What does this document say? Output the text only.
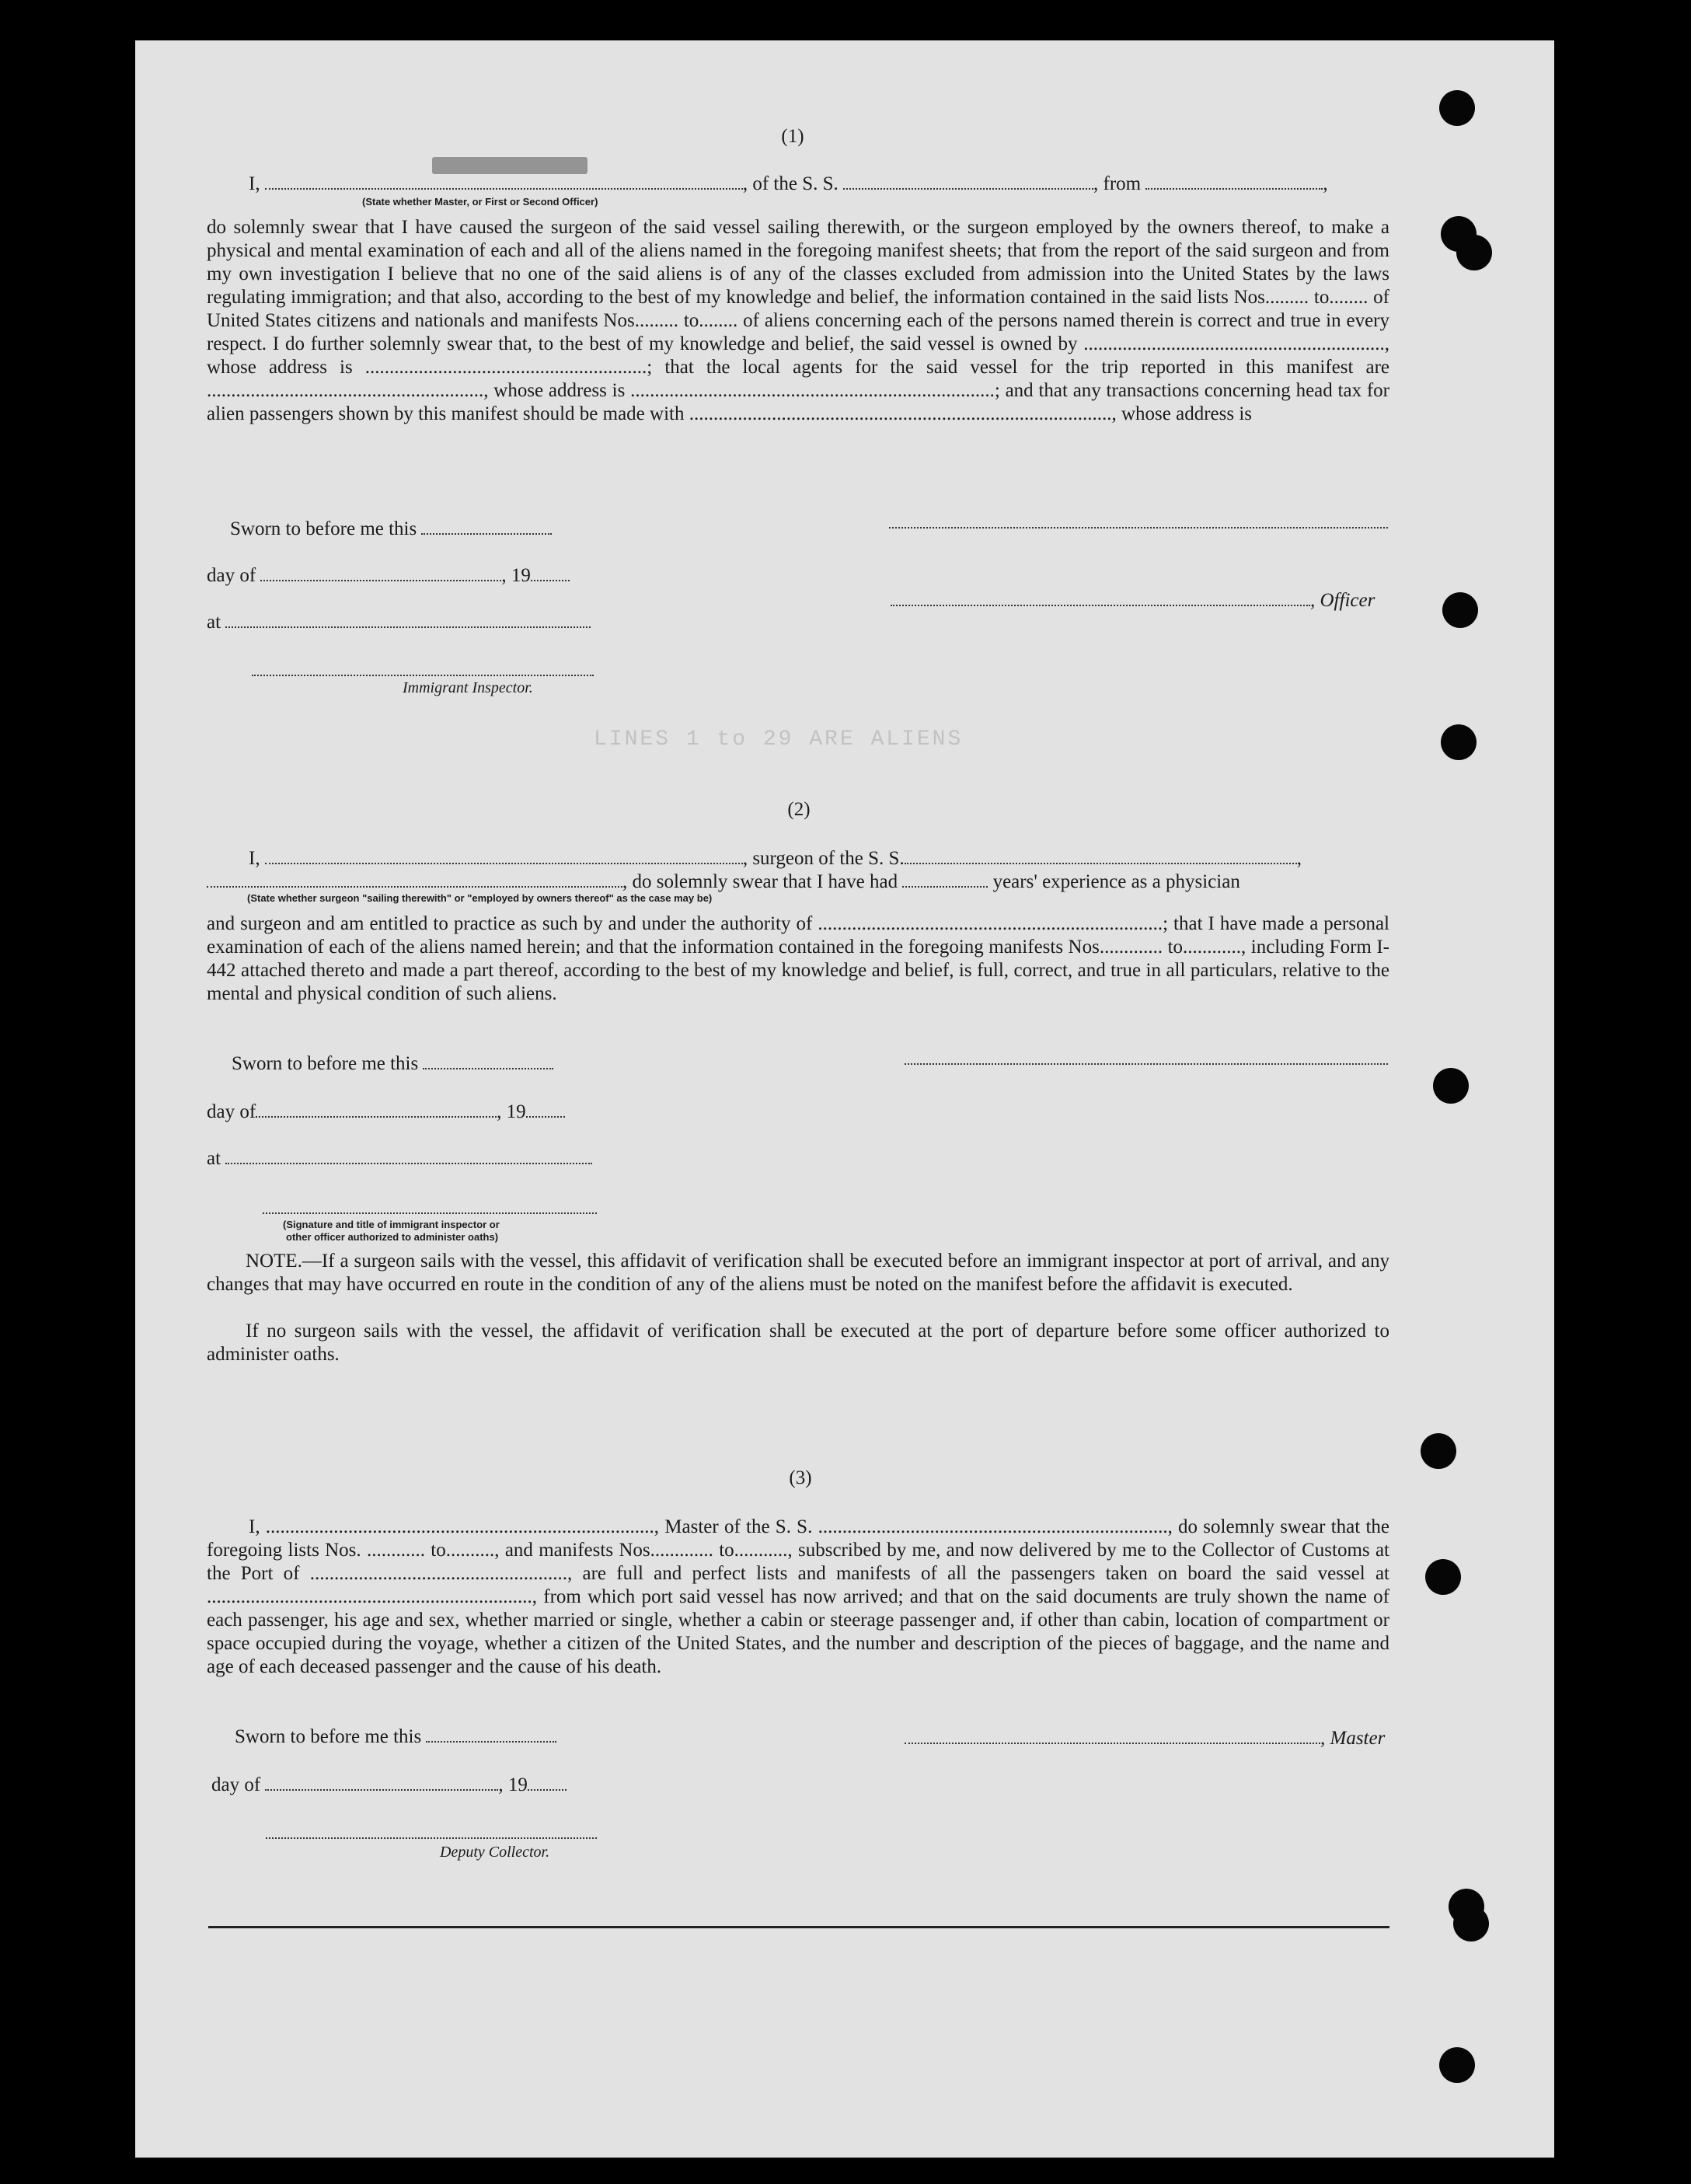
(1)
I,	, of the S. S.	, from	,
(State whether Master, or First or Second Officer)
do solemnly swear that I have caused the surgeon of the said vessel sailing therewith, or the surgeon employed by the owners thereof, to make a physical and mental examination of each and all of the aliens named in the foregoing manifest sheets; that from the report of the said surgeon and from my own investigation I believe that no one of the said aliens is of any of the classes excluded from admission into the United States by the laws regulating immigration; and that also, according to the best of my knowledge and belief, the information contained in the said lists Nos......... to........ of United States citizens and nationals and manifests Nos......... to........ of aliens concerning each of the persons named therein is correct and true in every respect. I do further solemnly swear that, to the best of my knowledge and belief, the said vessel is owned by .............................................................., whose address is ..........................................................; that the local agents for the said vessel for the trip reported in this manifest are ........................................................., whose address is ...........................................................................; and that any transactions concerning head tax for alien passengers shown by this manifest should be made with ......................................................................................., whose address is
Sworn to before me this
day of	, 19
, Officer
at
Immigrant Inspector.
LINES 1 to 29 ARE ALIENS
(2)
I,	, surgeon of the S. S.	,
, do solemnly swear that I have had	years' experience as a physician
(State whether surgeon "sailing therewith" or "employed by owners thereof" as the case may be)
and surgeon and am entitled to practice as such by and under the authority of .......................................................................; that I have made a personal examination of each of the aliens named herein; and that the information contained in the foregoing manifests Nos............. to............, including Form I-442 attached thereto and made a part thereof, according to the best of my knowledge and belief, is full, correct, and true in all particulars, relative to the mental and physical condition of such aliens.
Sworn to before me this
day of	, 19
at
(Signature and title of immigrant inspector or
other officer authorized to administer oaths)
NOTE.—If a surgeon sails with the vessel, this affidavit of verification shall be executed before an immigrant inspector at port of arrival, and any changes that may have occurred en route in the condition of any of the aliens must be noted on the manifest before the affidavit is executed.
If no surgeon sails with the vessel, the affidavit of verification shall be executed at the port of departure before some officer authorized to administer oaths.
(3)
I, ................................................................................, Master of the S. S. ........................................................................, do solemnly swear that the foregoing lists Nos. ............ to.........., and manifests Nos............. to..........., subscribed by me, and now delivered by me to the Collector of Customs at the Port of ....................................................., are full and perfect lists and manifests of all the passengers taken on board the said vessel at ..................................................................., from which port said vessel has now arrived; and that on the said documents are truly shown the name of each passenger, his age and sex, whether married or single, whether a cabin or steerage passenger and, if other than cabin, location of compartment or space occupied during the voyage, whether a citizen of the United States, and the number and description of the pieces of baggage, and the name and age of each deceased passenger and the cause of his death.
Sworn to before me this	, Master
day of	, 19
Deputy Collector.
